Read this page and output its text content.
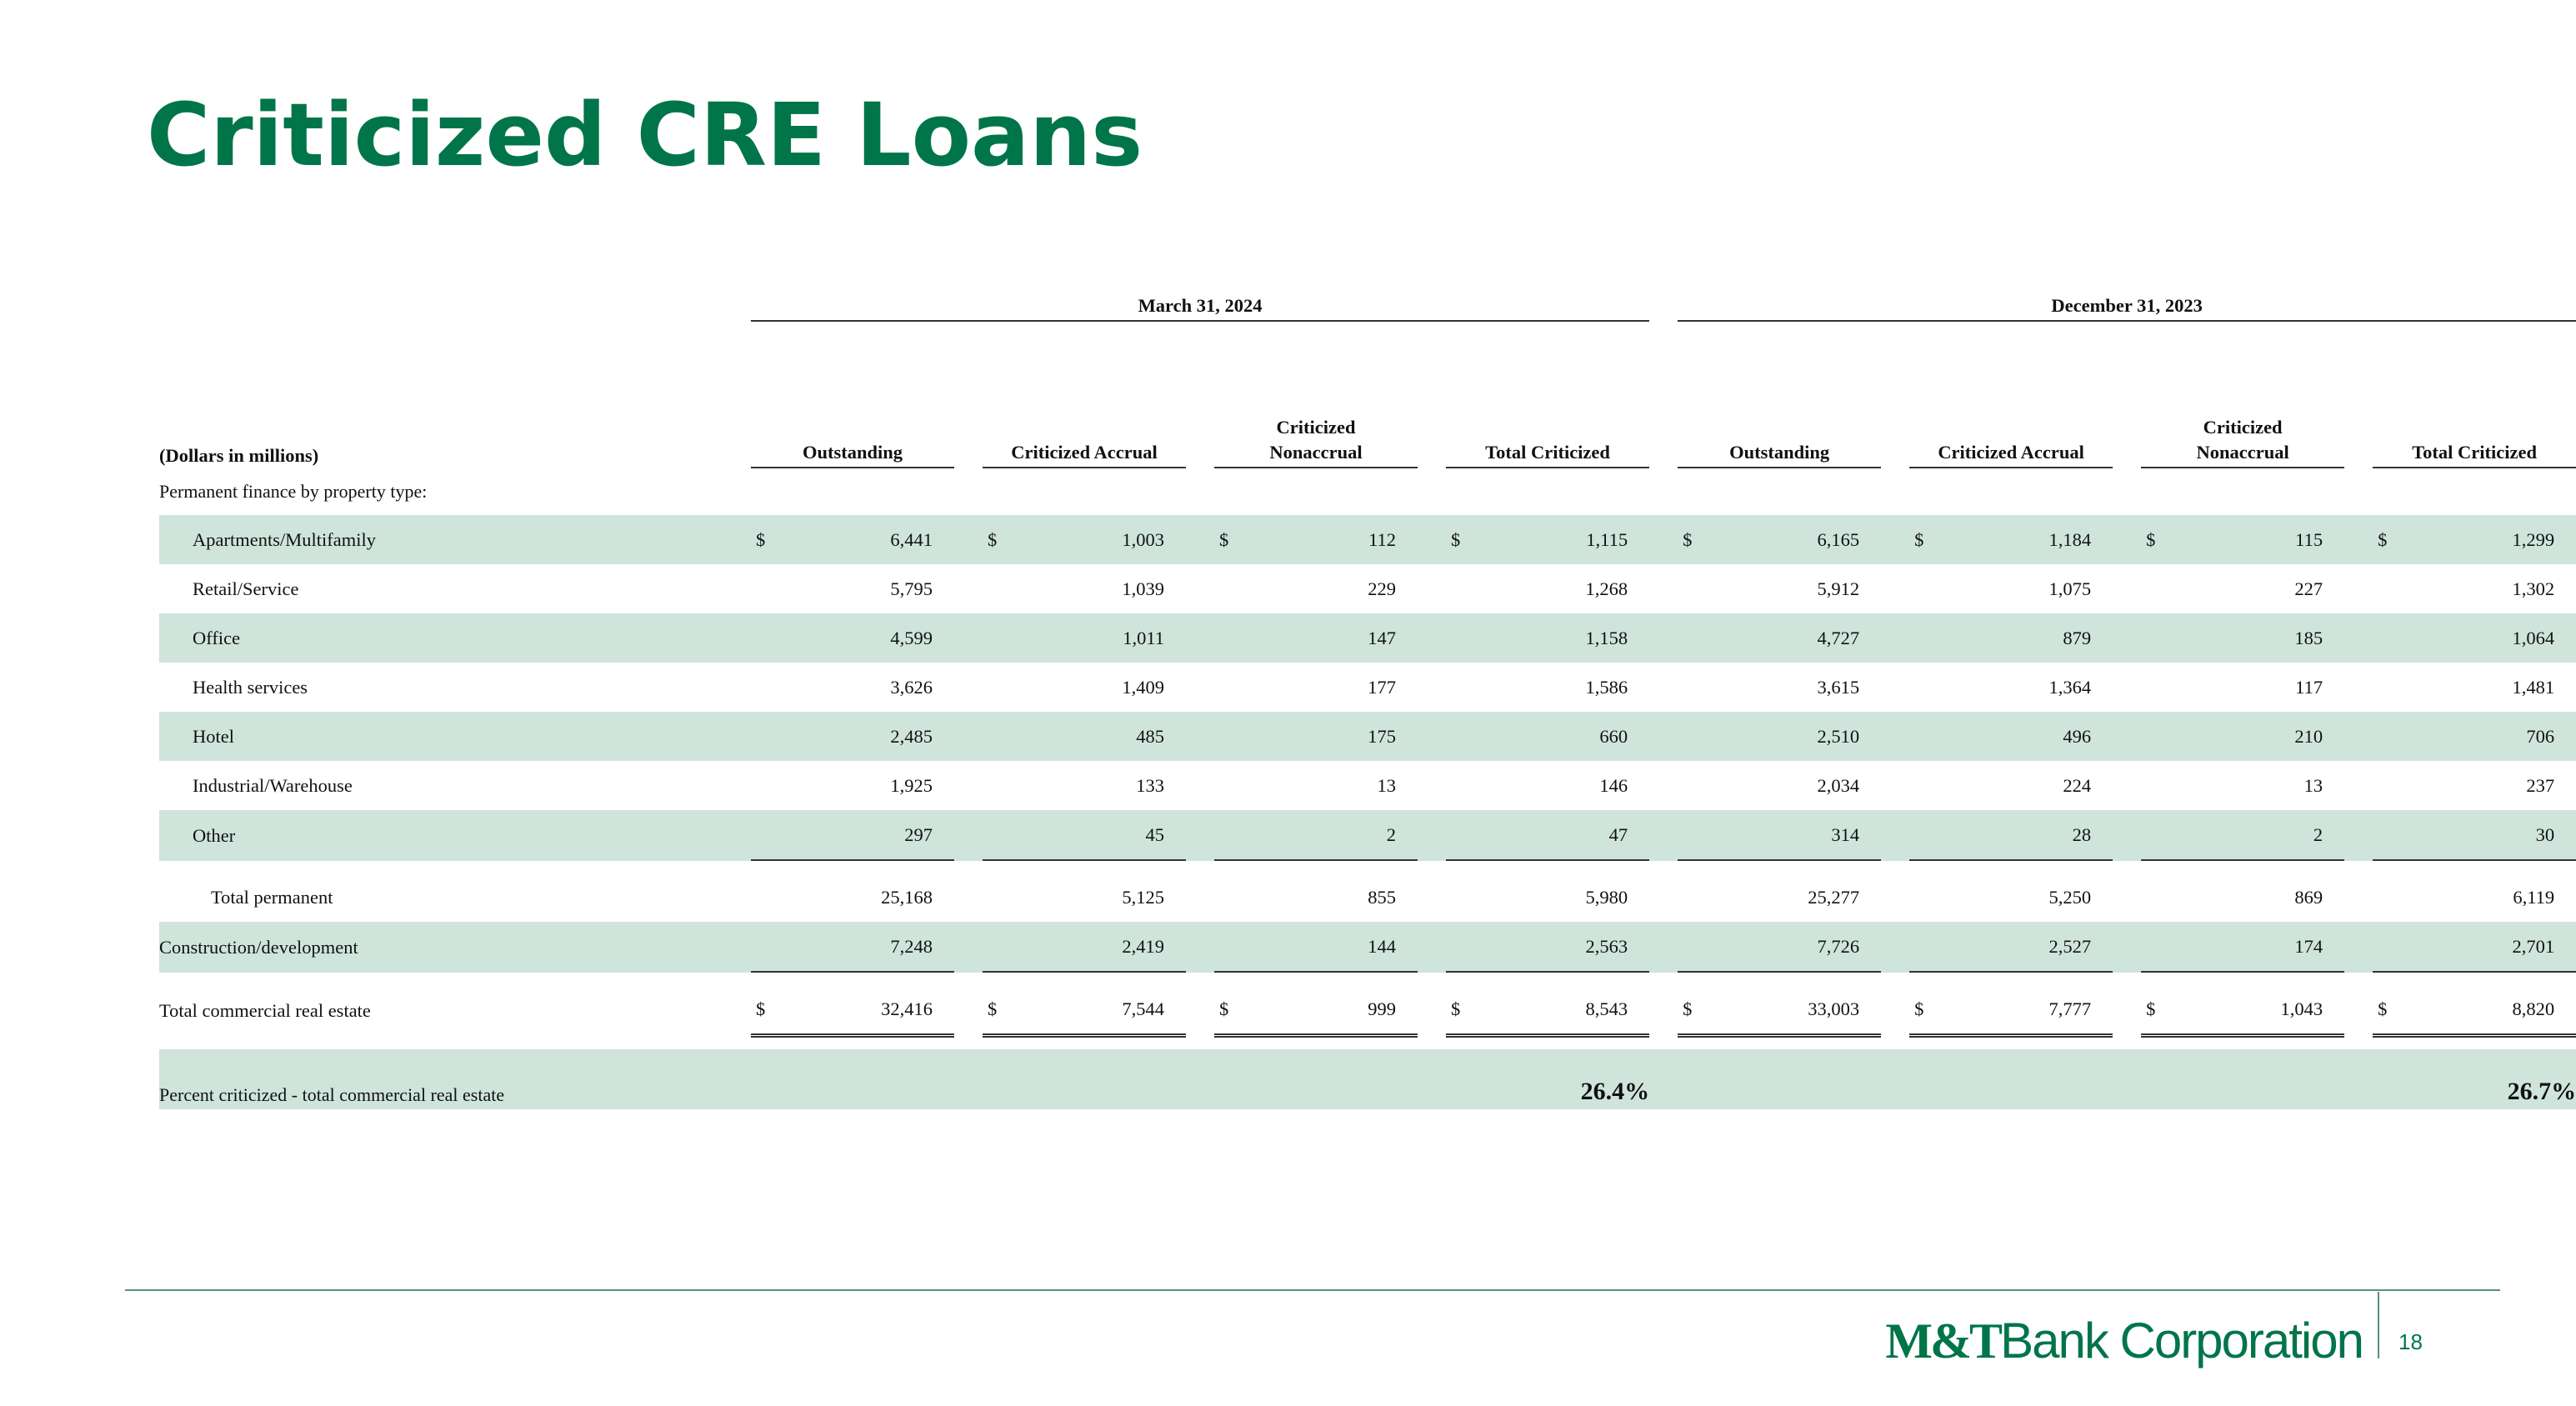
Criticized CRE Loans
		March 31, 2024								December 31, 2023						

(Dollars in millions)		Outstanding		Criticized Accrual		Criticized
Nonaccrual		Total Criticized		Outstanding		Criticized Accrual		Criticized
Nonaccrual		Total Criticized
Permanent finance by property type:																
Apartments/Multifamily		$ 6,441		$ 1,003		$ 112		$ 1,115		$ 6,165		$ 1,184		$ 115		$ 1,299
Retail/Service		5,795		1,039		229		1,268		5,912		1,075		227		1,302
Office		4,599		1,011		147		1,158		4,727		879		185		1,064
Health services		3,626		1,409		177		1,586		3,615		1,364		117		1,481
Hotel		2,485		485		175		660		2,510		496		210		706
Industrial/Warehouse		1,925		133		13		146		2,034		224		13		237
Other		297		45		2		47		314		28		2		30

Total permanent		25,168		5,125		855		5,980		25,277		5,250		869		6,119
Construction/development		7,248		2,419		144		2,563		7,726		2,527		174		2,701

Total commercial real estate		$ 32,416		$ 7,544		$ 999		$ 8,543		$ 33,003		$ 7,777		$ 1,043		$ 8,820

Percent criticized - total commercial real estate								26.4%								26.7%
M&TBank Corporation 18
